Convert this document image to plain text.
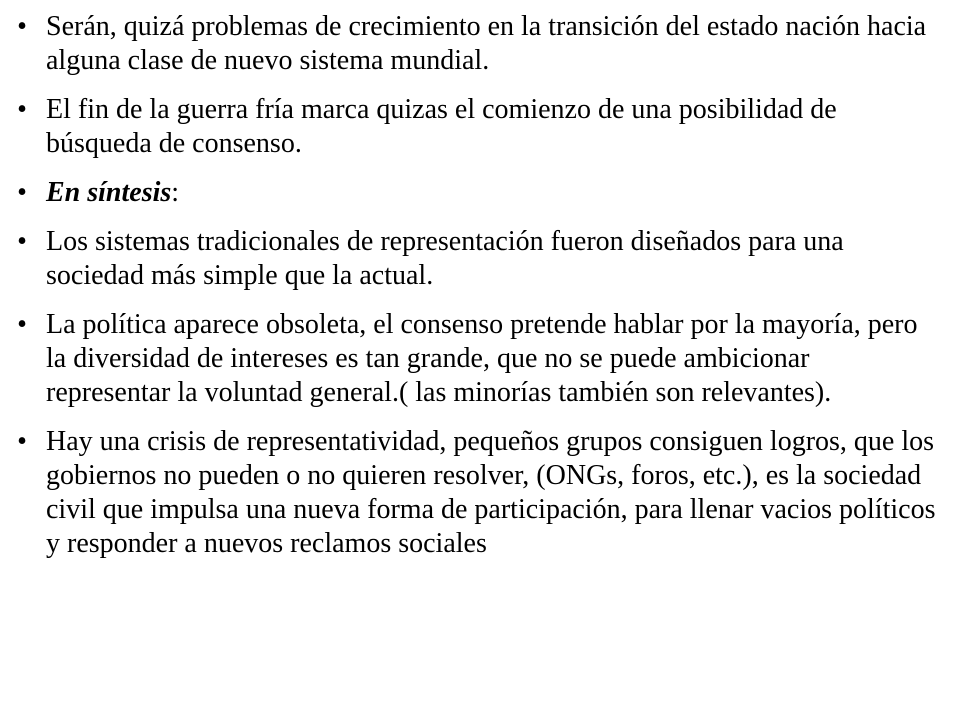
• Serán, quizá problemas de crecimiento en la transición del estado nación hacia alguna clase de nuevo sistema mundial.
• El fin de la guerra fría marca quizas el comienzo de una posibilidad de búsqueda de consenso.
• En síntesis:
• Los sistemas tradicionales de representación fueron diseñados para una sociedad más simple que la actual.
• La política aparece obsoleta, el consenso pretende hablar por la mayoría, pero la diversidad de intereses es tan grande, que no se puede ambicionar representar la voluntad general.( las minorías también son relevantes).
• Hay una crisis de representatividad, pequeños grupos consiguen logros, que los gobiernos no pueden o no quieren resolver, (ONGs, foros, etc.), es la sociedad civil que impulsa una nueva forma de participación, para llenar vacios políticos y responder a nuevos reclamos sociales
